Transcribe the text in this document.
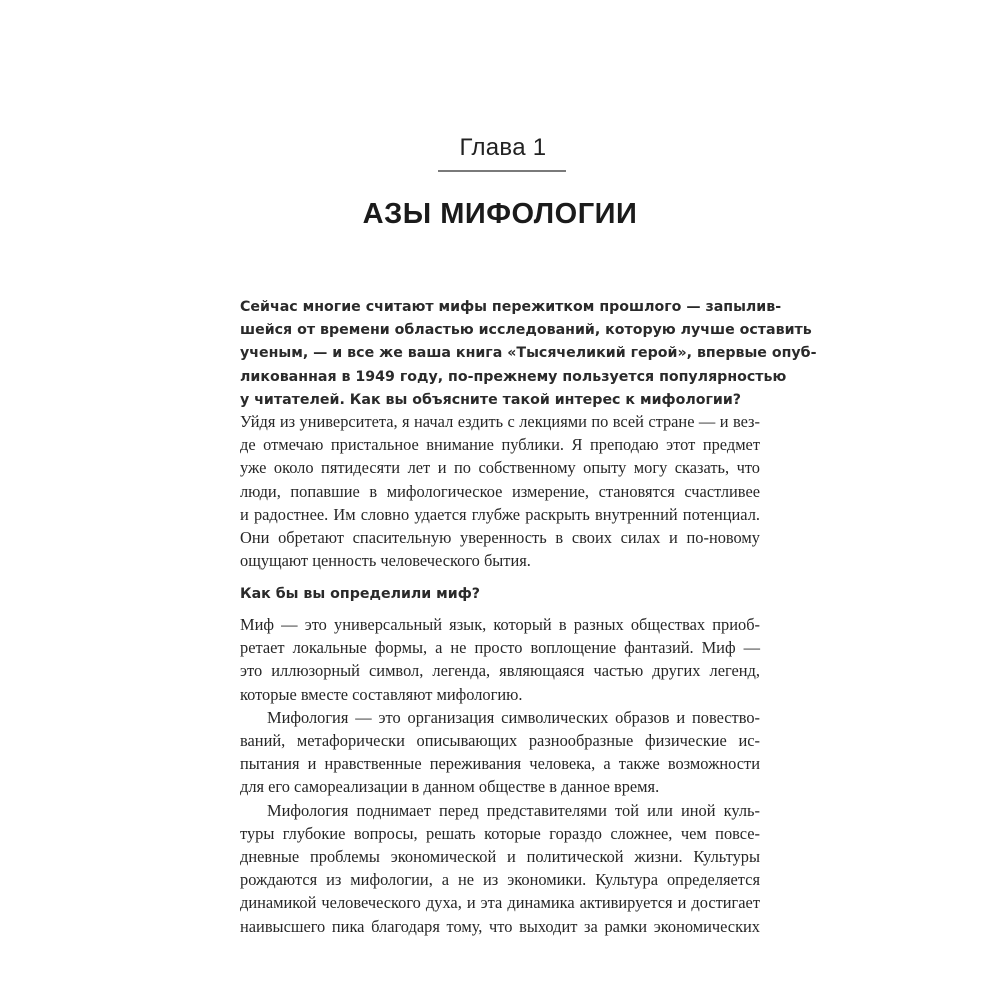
Глава 1
АЗЫ МИФОЛОГИИ
Сейчас многие считают мифы пережитком прошлого — запылив-
шейся от времени областью исследований, которую лучше оставить
ученым, — и все же ваша книга «Тысячеликий герой», впервые опуб-
ликованная в 1949 году, по-прежнему пользуется популярностью
у читателей. Как вы объясните такой интерес к мифологии?
Уйдя из университета, я начал ездить с лекциями по всей стране — и вез-
де отмечаю пристальное внимание публики. Я преподаю этот предмет
уже около пятидесяти лет и по собственному опыту могу сказать, что
люди, попавшие в мифологическое измерение, становятся счастливее
и радостнее. Им словно удается глубже раскрыть внутренний потенциал.
Они обретают спасительную уверенность в своих силах и по-новому
ощущают ценность человеческого бытия.
Как бы вы определили миф?
Миф — это универсальный язык, который в разных обществах приоб-
ретает локальные формы, а не просто воплощение фантазий. Миф —
это иллюзорный символ, легенда, являющаяся частью других легенд,
которые вместе составляют мифологию.
Мифология — это организация символических образов и повество-
ваний, метафорически описывающих разнообразные физические ис-
пытания и нравственные переживания человека, а также возможности
для его самореализации в данном обществе в данное время.
Мифология поднимает перед представителями той или иной куль-
туры глубокие вопросы, решать которые гораздо сложнее, чем повсе-
дневные проблемы экономической и политической жизни. Культуры
рождаются из мифологии, а не из экономики. Культура определяется
динамикой человеческого духа, и эта динамика активируется и достигает
наивысшего пика благодаря тому, что выходит за рамки экономических
